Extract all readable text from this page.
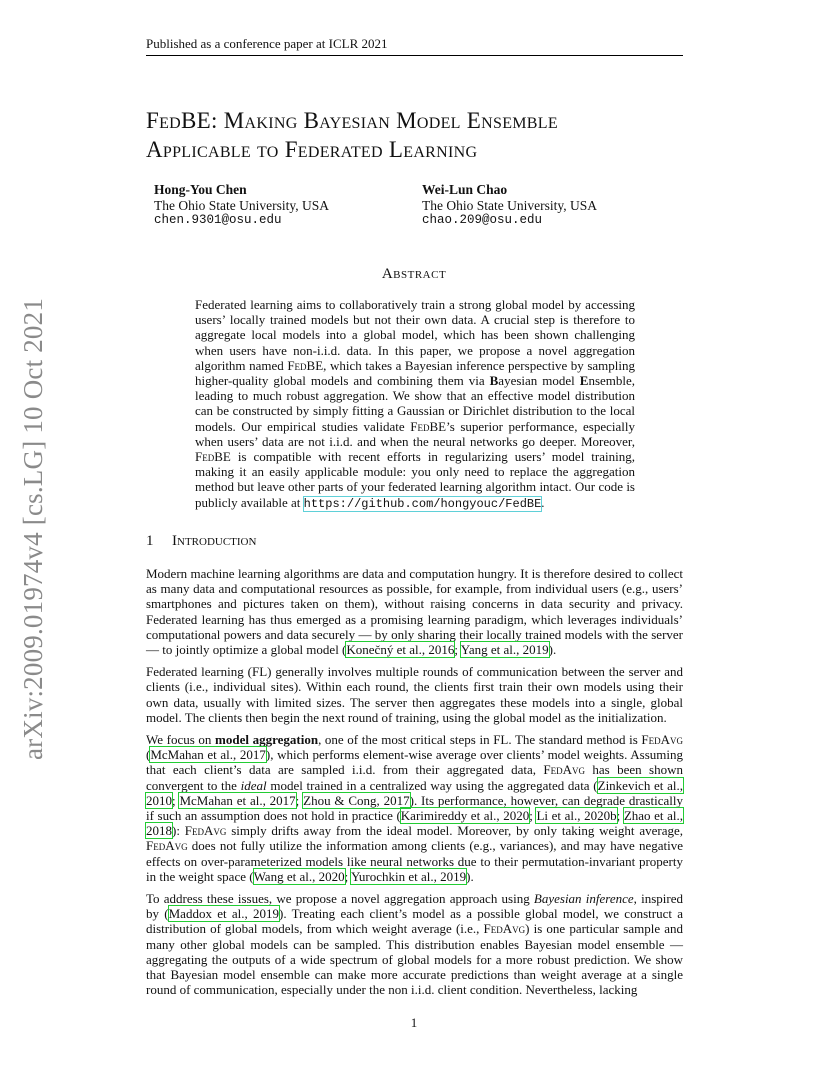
Published as a conference paper at ICLR 2021
FedBE: Making Bayesian Model Ensemble
Applicable to Federated Learning
Hong-You Chen
The Ohio State University, USA
chen.9301@osu.edu
Wei-Lun Chao
The Ohio State University, USA
chao.209@osu.edu
Abstract
Federated learning aims to collaboratively train a strong global model by accessing users’ locally trained models but not their own data. A crucial step is therefore to aggregate local models into a global model, which has been shown challenging when users have non-i.i.d. data. In this paper, we propose a novel aggregation algorithm named FedBE, which takes a Bayesian inference perspective by sampling higher-quality global models and combining them via Bayesian model Ensemble, leading to much robust aggregation. We show that an effective model distribution can be constructed by simply fitting a Gaussian or Dirichlet distribution to the local models. Our empirical studies validate FedBE’s superior performance, especially when users’ data are not i.i.d. and when the neural networks go deeper. Moreover, FedBE is compatible with recent efforts in regularizing users’ model training, making it an easily applicable module: you only need to replace the aggregation method but leave other parts of your federated learning algorithm intact. Our code is publicly available at https://github.com/hongyouc/FedBE.
1 Introduction

Modern machine learning algorithms are data and computation hungry. It is therefore desired to collect as many data and computational resources as possible, for example, from individual users (e.g., users’ smartphones and pictures taken on them), without raising concerns in data security and privacy. Federated learning has thus emerged as a promising learning paradigm, which leverages individuals’ computational powers and data securely — by only sharing their locally trained models with the server — to jointly optimize a global model (Konečný et al., 2016; Yang et al., 2019).

Federated learning (FL) generally involves multiple rounds of communication between the server and clients (i.e., individual sites). Within each round, the clients first train their own models using their own data, usually with limited sizes. The server then aggregates these models into a single, global model. The clients then begin the next round of training, using the global model as the initialization.

We focus on model aggregation, one of the most critical steps in FL. The standard method is FedAvg (McMahan et al., 2017), which performs element-wise average over clients’ model weights. Assuming that each client’s data are sampled i.i.d. from their aggregated data, FedAvg has been shown convergent to the ideal model trained in a centralized way using the aggregated data (Zinkevich et al., 2010; McMahan et al., 2017; Zhou & Cong, 2017). Its performance, however, can degrade drastically if such an assumption does not hold in practice (Karimireddy et al., 2020; Li et al., 2020b; Zhao et al., 2018): FedAvg simply drifts away from the ideal model. Moreover, by only taking weight average, FedAvg does not fully utilize the information among clients (e.g., variances), and may have negative effects on over-parameterized models like neural networks due to their permutation-invariant property in the weight space (Wang et al., 2020; Yurochkin et al., 2019).

To address these issues, we propose a novel aggregation approach using Bayesian inference, inspired by (Maddox et al., 2019). Treating each client’s model as a possible global model, we construct a distribution of global models, from which weight average (i.e., FedAvg) is one particular sample and many other global models can be sampled. This distribution enables Bayesian model ensemble — aggregating the outputs of a wide spectrum of global models for a more robust prediction. We show that Bayesian model ensemble can make more accurate predictions than weight average at a single round of communication, especially under the non i.i.d. client condition. Nevertheless, lacking

1
arXiv:2009.01974v4 [cs.LG] 10 Oct 2021
